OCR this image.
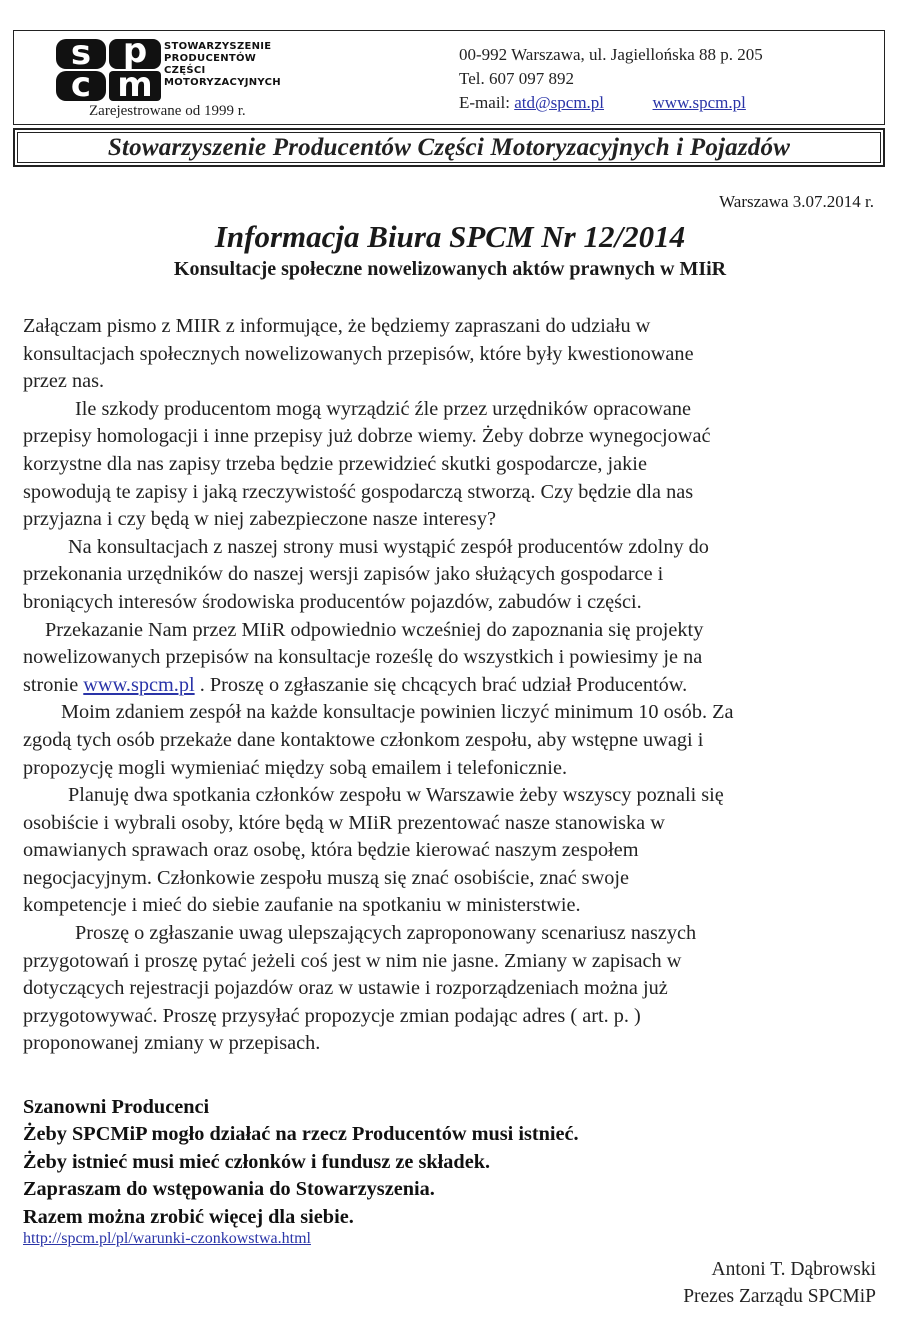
s p
c m
STOWARZYSZENIE
PRODUCENTÓW
CZĘŚCI
MOTORYZACYJNYCH
Zarejestrowane od 1999 r.
00-992 Warszawa, ul. Jagiellońska 88 p. 205
Tel. 607 097 892
E-mail: atd@spcm.pl	www.spcm.pl
Stowarzyszenie Producentów Części Motoryzacyjnych i Pojazdów
Warszawa 3.07.2014 r.
Informacja Biura SPCM Nr 12/2014
Konsultacje społeczne nowelizowanych aktów prawnych w MIiR

Załączam pismo z MIIR z informujące, że będziemy zapraszani do udziału w
konsultacjach społecznych nowelizowanych przepisów, które były kwestionowane
przez nas.

Ile szkody producentom mogą wyrządzić źle przez urzędników opracowane
przepisy homologacji i inne przepisy już dobrze wiemy. Żeby dobrze wynegocjować
korzystne dla nas zapisy trzeba będzie przewidzieć skutki gospodarcze, jakie
spowodują te zapisy i jaką rzeczywistość gospodarczą stworzą. Czy będzie dla nas
przyjazna i czy będą w niej zabezpieczone nasze interesy?

Na konsultacjach z naszej strony musi wystąpić zespół producentów zdolny do
przekonania urzędników do naszej wersji zapisów jako służących gospodarce i
broniących interesów środowiska producentów pojazdów, zabudów i części.

Przekazanie Nam przez MIiR odpowiednio wcześniej do zapoznania się projekty
nowelizowanych przepisów na konsultacje roześlę do wszystkich i powiesimy je na
stronie www.spcm.pl . Proszę o zgłaszanie się chcących brać udział Producentów.

Moim zdaniem zespół na każde konsultacje powinien liczyć minimum 10 osób. Za
zgodą tych osób przekaże dane kontaktowe członkom zespołu, aby wstępne uwagi i
propozycję mogli wymieniać między sobą emailem i telefonicznie.

Planuję dwa spotkania członków zespołu w Warszawie żeby wszyscy poznali się
osobiście i wybrali osoby, które będą w MIiR prezentować nasze stanowiska w
omawianych sprawach oraz osobę, która będzie kierować naszym zespołem
negocjacyjnym. Członkowie zespołu muszą się znać osobiście, znać swoje
kompetencje i mieć do siebie zaufanie na spotkaniu w ministerstwie.

Proszę o zgłaszanie uwag ulepszających zaproponowany scenariusz naszych
przygotowań i proszę pytać jeżeli coś jest w nim nie jasne. Zmiany w zapisach w
dotyczących rejestracji pojazdów oraz w ustawie i rozporządzeniach można już
przygotowywać. Proszę przysyłać propozycje zmian podając adres ( art. p. )
proponowanej zmiany w przepisach.

Szanowni Producenci
Żeby SPCMiP mogło działać na rzecz Producentów musi istnieć.
Żeby istnieć musi mieć członków i fundusz ze składek.
Zapraszam do wstępowania do Stowarzyszenia.
Razem można zrobić więcej dla siebie.
http://spcm.pl/pl/warunki-czonkowstwa.html
Antoni T. Dąbrowski
Prezes Zarządu SPCMiP
